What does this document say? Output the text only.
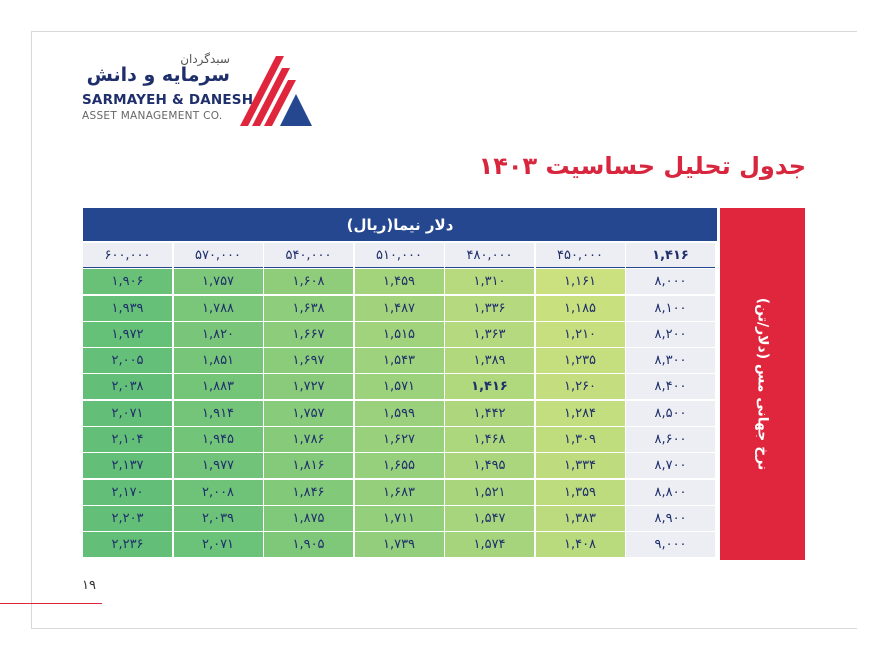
سبدگردان
سرمایه و دانش
SARMAYEH & DANESH
ASSET MANAGEMENT CO.
جدول تحلیل حساسیت ۱۴۰۳
دلار نیما(ریال)
نرخ جهانی مس (دلار/تن)
۶۰۰,۰۰۰	۵۷۰,۰۰۰	۵۴۰,۰۰۰	۵۱۰,۰۰۰	۴۸۰,۰۰۰	۴۵۰,۰۰۰	۱,۴۱۶
۱,۹۰۶	۱,۷۵۷	۱,۶۰۸	۱,۴۵۹	۱,۳۱۰	۱,۱۶۱	۸,۰۰۰
۱,۹۳۹	۱,۷۸۸	۱,۶۳۸	۱,۴۸۷	۱,۳۳۶	۱,۱۸۵	۸,۱۰۰
۱,۹۷۲	۱,۸۲۰	۱,۶۶۷	۱,۵۱۵	۱,۳۶۳	۱,۲۱۰	۸,۲۰۰
۲,۰۰۵	۱,۸۵۱	۱,۶۹۷	۱,۵۴۳	۱,۳۸۹	۱,۲۳۵	۸,۳۰۰
۲,۰۳۸	۱,۸۸۳	۱,۷۲۷	۱,۵۷۱	۱,۴۱۶	۱,۲۶۰	۸,۴۰۰
۲,۰۷۱	۱,۹۱۴	۱,۷۵۷	۱,۵۹۹	۱,۴۴۲	۱,۲۸۴	۸,۵۰۰
۲,۱۰۴	۱,۹۴۵	۱,۷۸۶	۱,۶۲۷	۱,۴۶۸	۱,۳۰۹	۸,۶۰۰
۲,۱۳۷	۱,۹۷۷	۱,۸۱۶	۱,۶۵۵	۱,۴۹۵	۱,۳۳۴	۸,۷۰۰
۲,۱۷۰	۲,۰۰۸	۱,۸۴۶	۱,۶۸۳	۱,۵۲۱	۱,۳۵۹	۸,۸۰۰
۲,۲۰۳	۲,۰۳۹	۱,۸۷۵	۱,۷۱۱	۱,۵۴۷	۱,۳۸۳	۸,۹۰۰
۲,۲۳۶	۲,۰۷۱	۱,۹۰۵	۱,۷۳۹	۱,۵۷۴	۱,۴۰۸	۹,۰۰۰
۱۹
